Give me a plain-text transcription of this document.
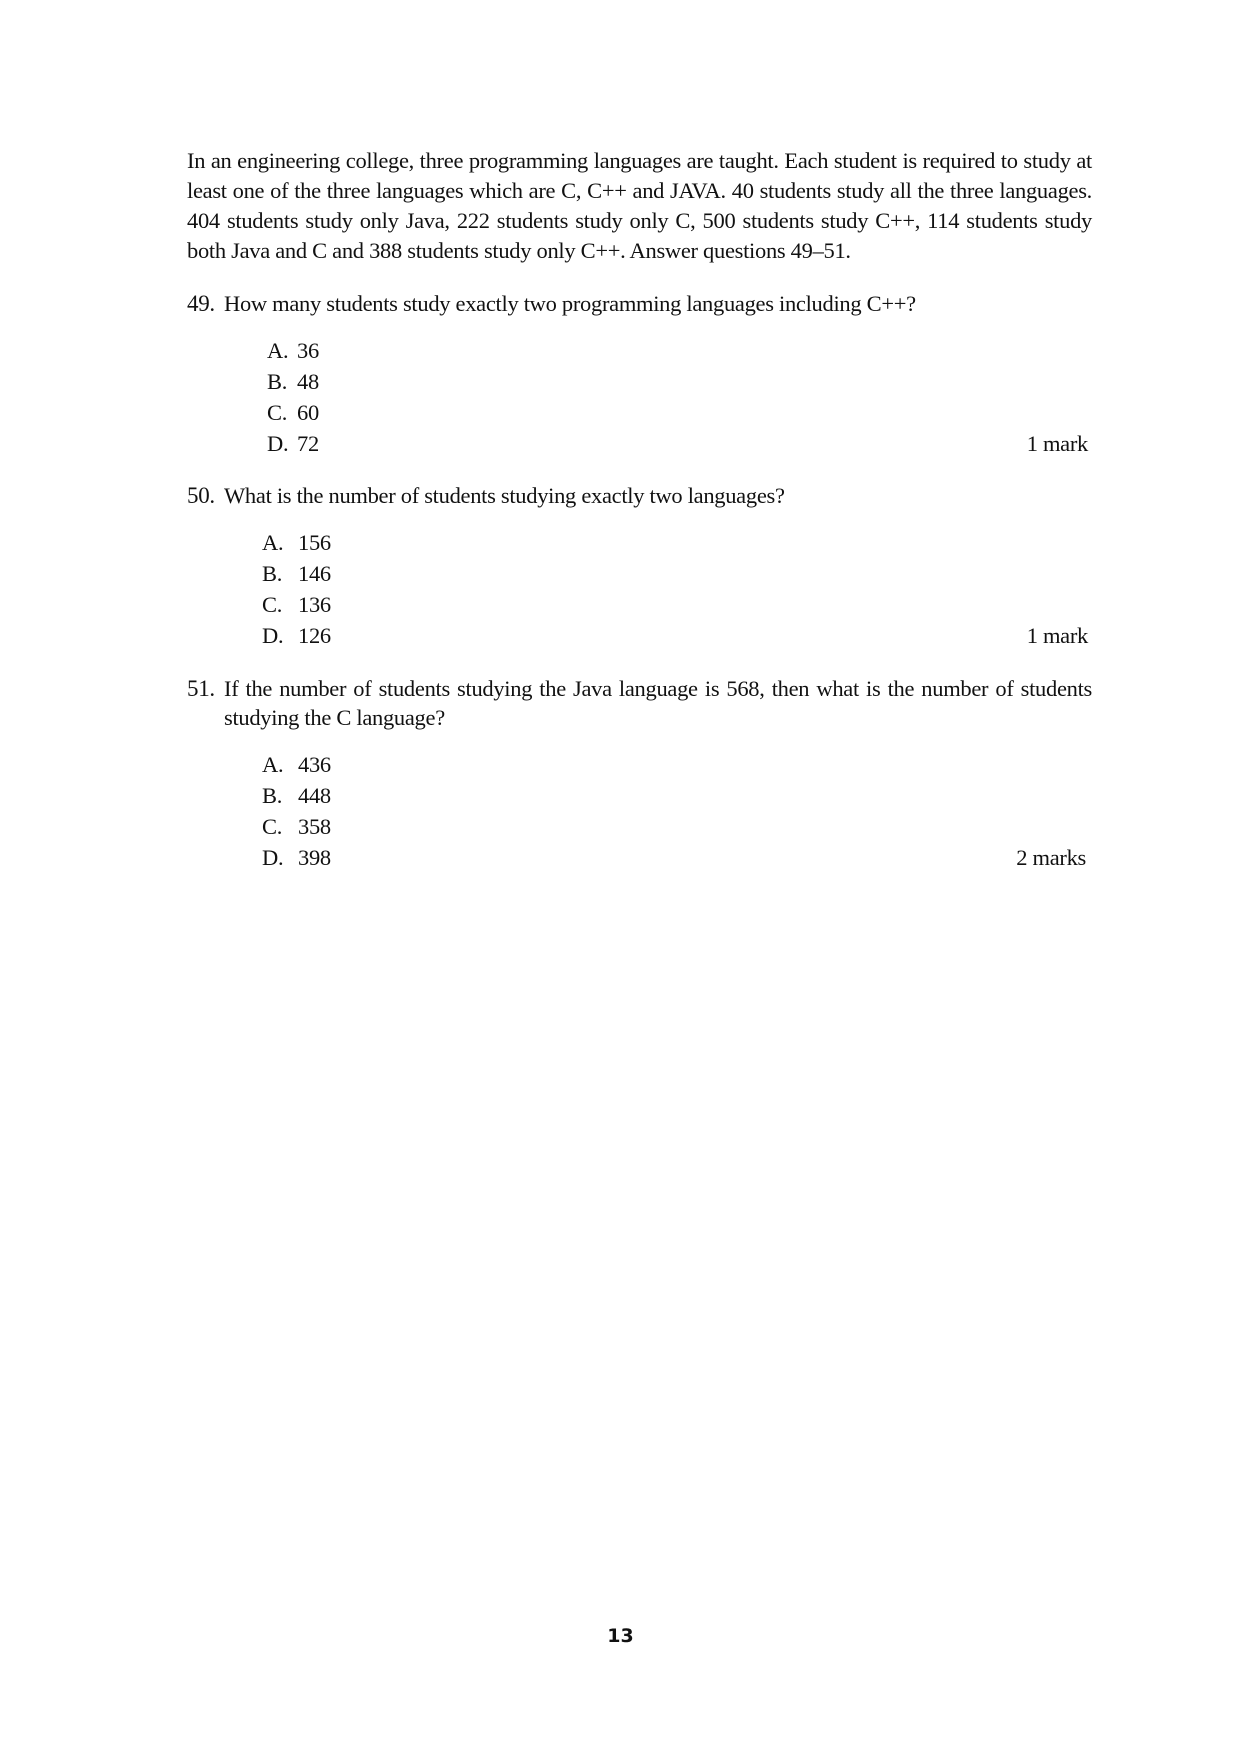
In an engineering college, three programming languages are taught. Each student is required to study at least one of the three languages which are C, C++ and JAVA. 40 students study all the three languages. 404 students study only Java, 222 students study only C, 500 students study C++, 114 students study both Java and C and 388 students study only C++. Answer questions 49–51.
49. How many students study exactly two programming languages including C++?
A. 36
B. 48
C. 60
D. 72	1 mark
50. What is the number of students studying exactly two languages?
A. 156
B. 146
C. 136
D. 126	1 mark
51. If the number of students studying the Java language is 568, then what is the number of students studying the C language?
A. 436
B. 448
C. 358
D. 398	2 marks
13
